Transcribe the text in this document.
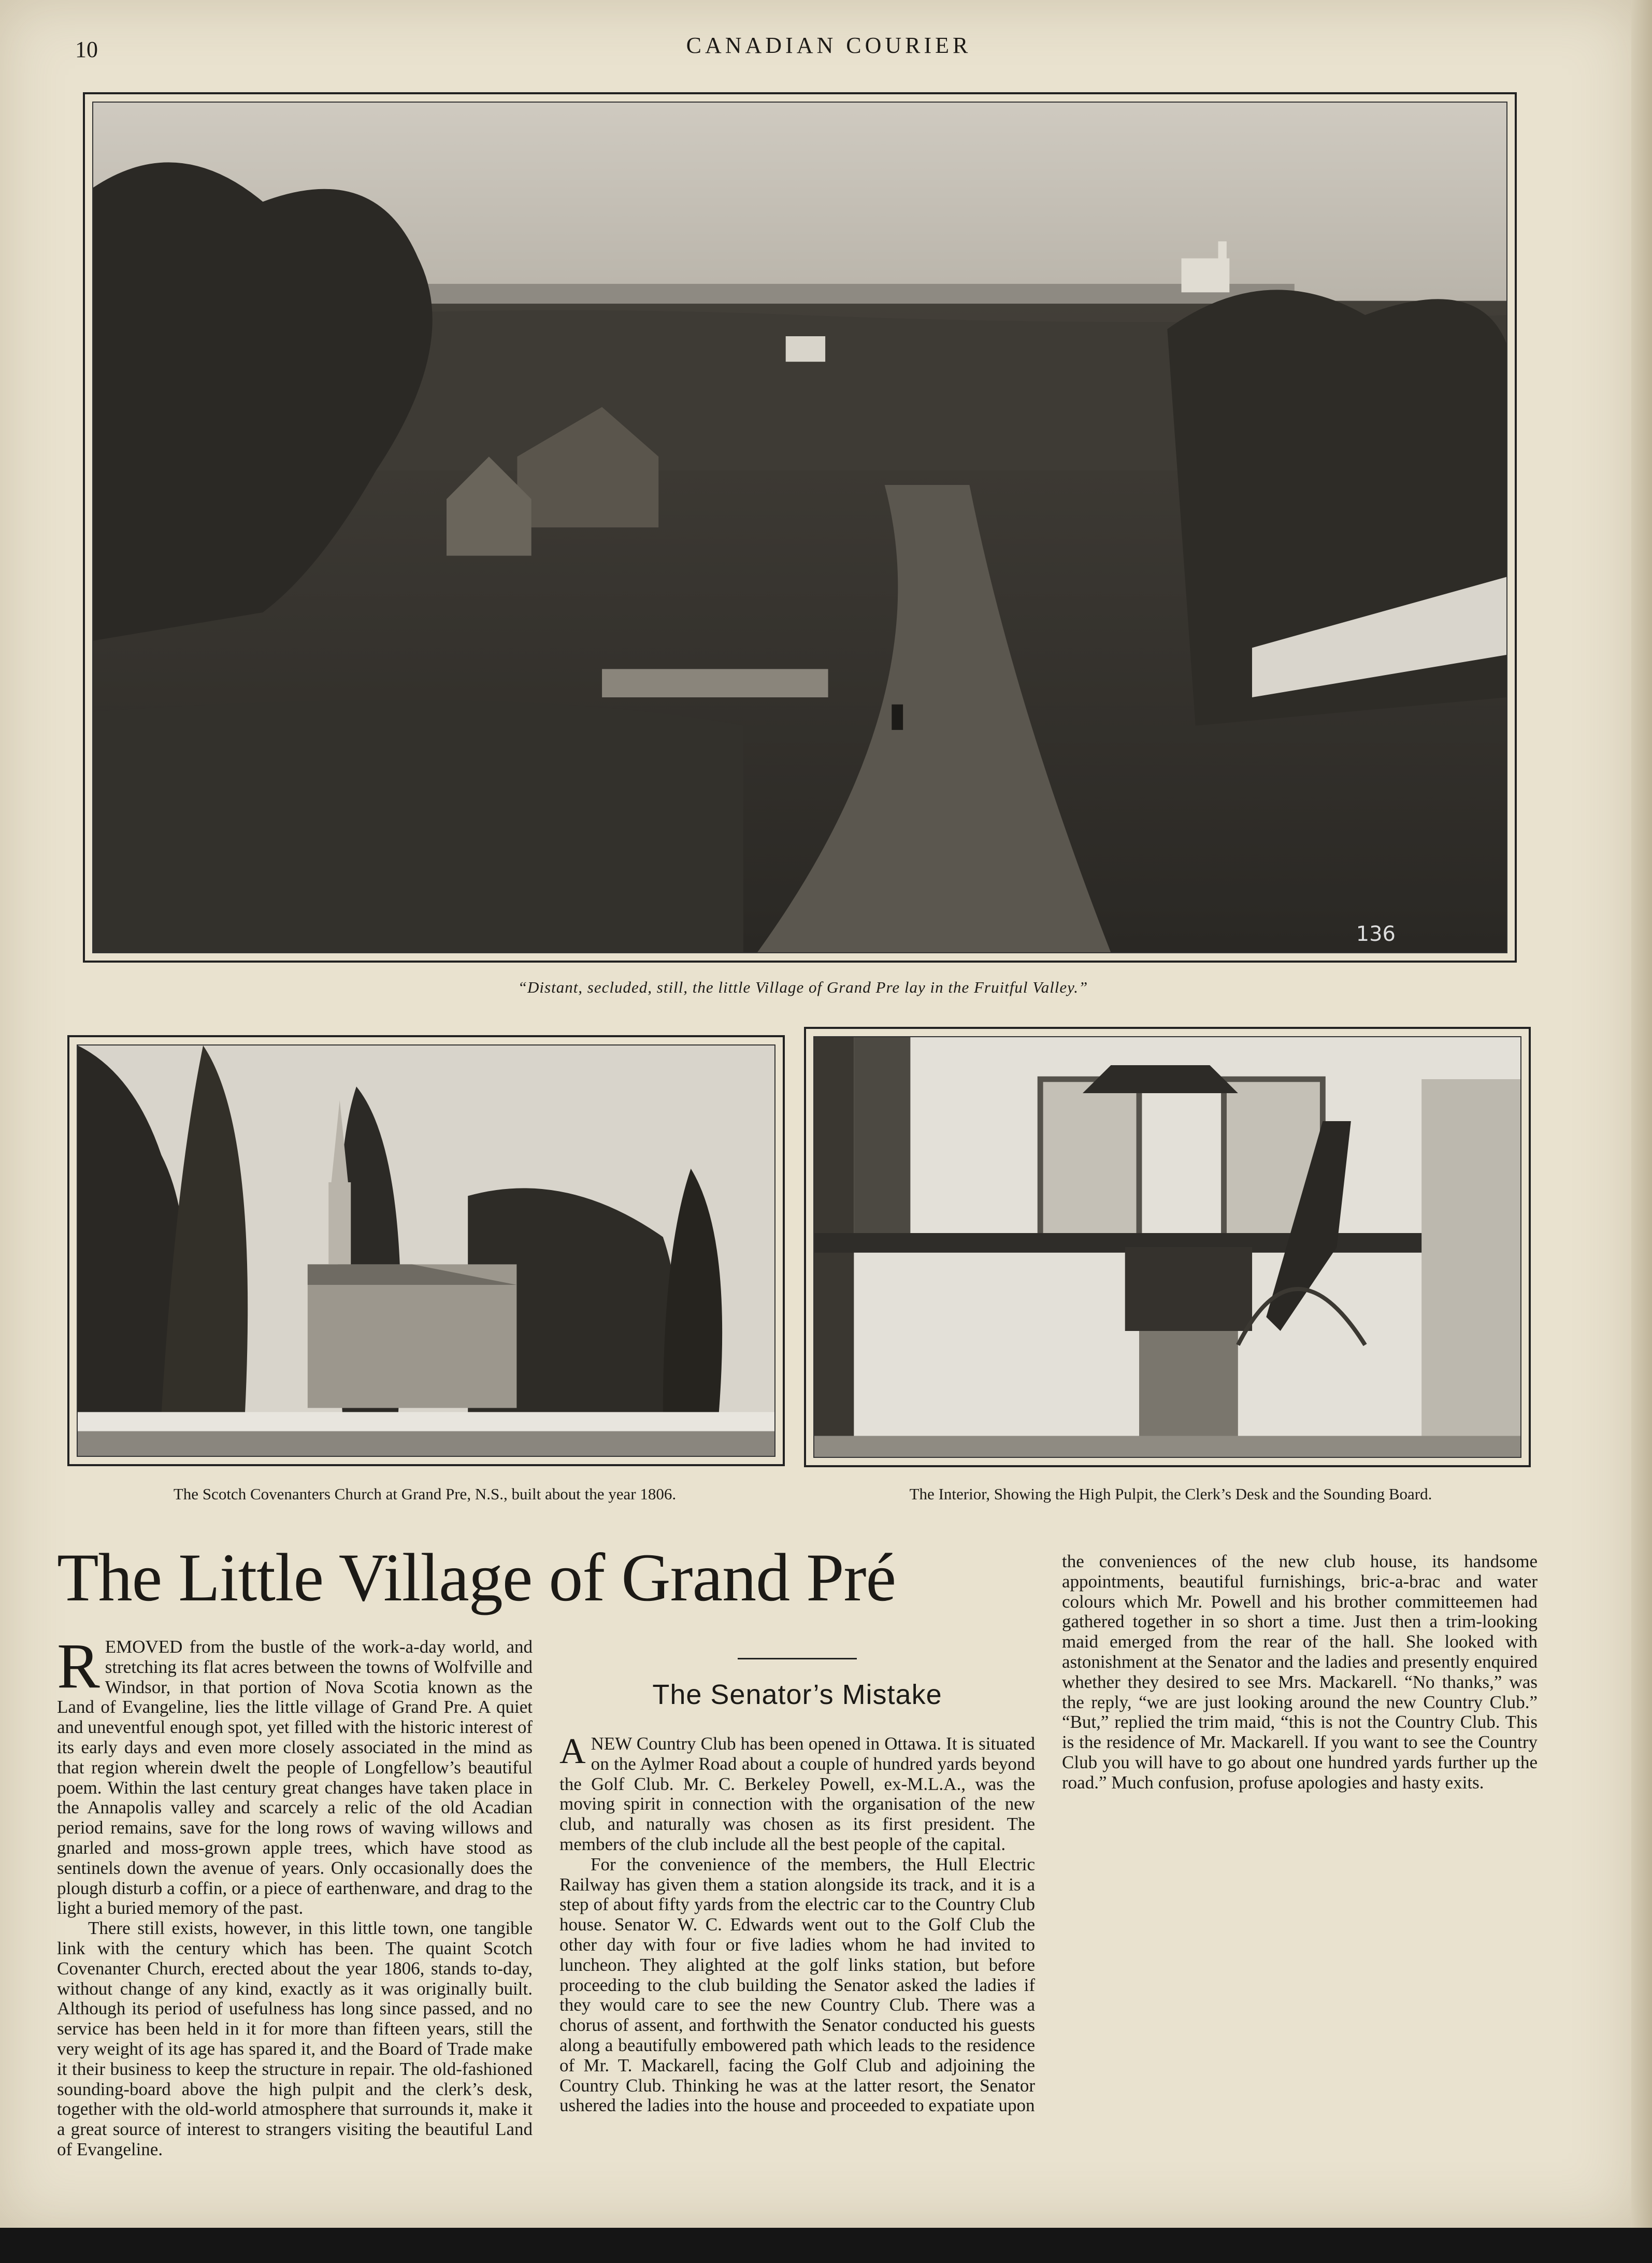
10	CANADIAN COURIER
136
“Distant, secluded, still, the little Village of Grand Pre lay in the Fruitful Valley.”
The Scotch Covenanters Church at Grand Pre, N.S., built about the year 1806.	The Interior, Showing the High Pulpit, the Clerk’s Desk and the Sounding Board.
The Little Village of Grand Pré

REMOVED from the bustle of the work-a-day world, and stretching its flat acres between the towns of Wolfville and Windsor, in that portion of Nova Scotia known as the Land of Evangeline, lies the little village of Grand Pre. A quiet and uneventful enough spot, yet filled with the historic interest of its early days and even more closely associated in the mind as that region wherein dwelt the people of Longfellow’s beautiful poem. Within the last century great changes have taken place in the Annapolis valley and scarcely a relic of the old Acadian period remains, save for the long rows of waving willows and gnarled and moss-grown apple trees, which have stood as sentinels down the avenue of years. Only occasionally does the plough disturb a coffin, or a piece of earthenware, and drag to the light a buried memory of the past.

There still exists, however, in this little town, one tangible link with the century which has been. The quaint Scotch Covenanter Church, erected about the year 1806, stands to-day, without change of any kind, exactly as it was originally built. Although its period of usefulness has long since passed, and no service has been held in it for more than fifteen years, still the very weight of its age has spared it, and the Board of Trade make it their business to keep the structure in repair. The old-fashioned sounding-board above the high pulpit and the clerk’s desk, together with the old-world atmosphere that surrounds it, make it a great source of interest to strangers visiting the beautiful Land of Evangeline.

The Senator’s Mistake

ANEW Country Club has been opened in Ottawa. It is situated on the Aylmer Road about a couple of hundred yards beyond the Golf Club. Mr. C. Berkeley Powell, ex-M.L.A., was the moving spirit in connection with the organisation of the new club, and naturally was chosen as its first president. The members of the club include all the best people of the capital.

For the convenience of the members, the Hull Electric Railway has given them a station alongside its track, and it is a step of about fifty yards from the electric car to the Country Club house. Senator W. C. Edwards went out to the Golf Club the other day with four or five ladies whom he had invited to luncheon. They alighted at the golf links station, but before proceeding to the club building the Senator asked the ladies if they would care to see the new Country Club. There was a chorus of assent, and forthwith the Senator conducted his guests along a beautifully embowered path which leads to the residence of Mr. T. Mackarell, facing the Golf Club and adjoining the Country Club. Thinking he was at the latter resort, the Senator ushered the ladies into the house and proceeded to expatiate upon

the conveniences of the new club house, its handsome appointments, beautiful furnishings, bric-a-brac and water colours which Mr. Powell and his brother committeemen had gathered together in so short a time. Just then a trim-looking maid emerged from the rear of the hall. She looked with astonishment at the Senator and the ladies and presently enquired whether they desired to see Mrs. Mackarell. “No thanks,” was the reply, “we are just looking around the new Country Club.” “But,” replied the trim maid, “this is not the Country Club. This is the residence of Mr. Mackarell. If you want to see the Country Club you will have to go about one hundred yards further up the road.” Much confusion, profuse apologies and hasty exits.
